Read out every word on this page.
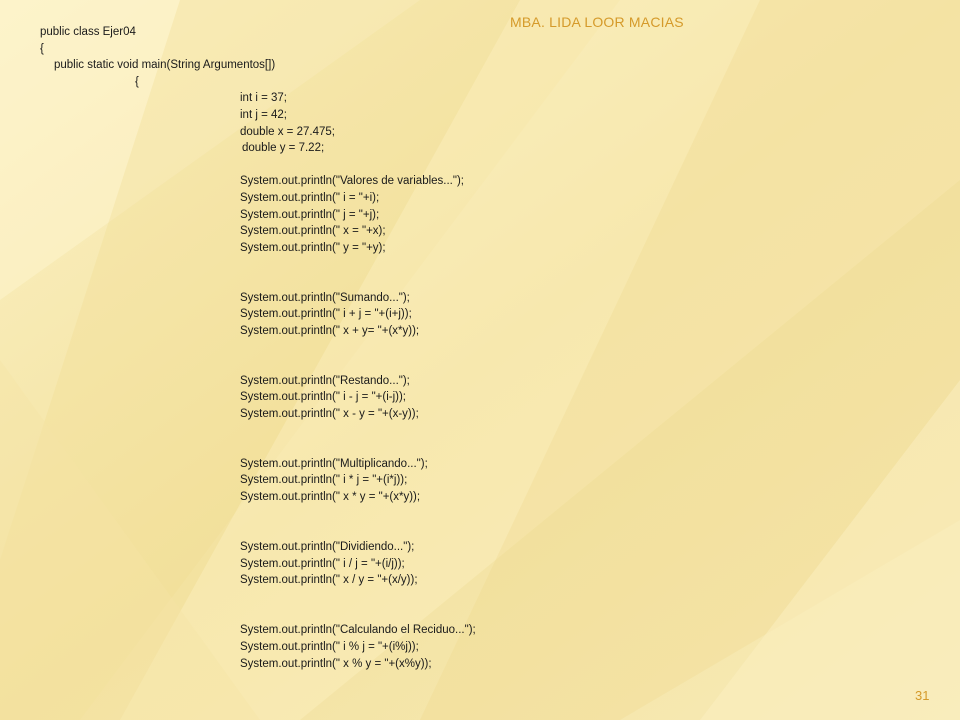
MBA. LIDA LOOR MACIAS

public class Ejer04

{

public static void main(String Argumentos[])

{

int i = 37;

int j = 42;

double x = 27.475;

double y = 7.22;

System.out.println("Valores de variables...");

System.out.println(" i = "+i);

System.out.println(" j = "+j);

System.out.println(" x = "+x);

System.out.println(" y = "+y);

System.out.println("Sumando...");

System.out.println(" i + j = "+(i+j));

System.out.println(" x + y= "+(x*y));

System.out.println("Restando...");

System.out.println(" i - j = "+(i-j));

System.out.println(" x - y = "+(x-y));

System.out.println("Multiplicando...");

System.out.println(" i * j = "+(i*j));

System.out.println(" x * y = "+(x*y));

System.out.println("Dividiendo...");

System.out.println(" i / j = "+(i/j));

System.out.println(" x / y = "+(x/y));

System.out.println("Calculando el Reciduo...");

System.out.println(" i % j = "+(i%j));

System.out.println(" x % y = "+(x%y));

31
